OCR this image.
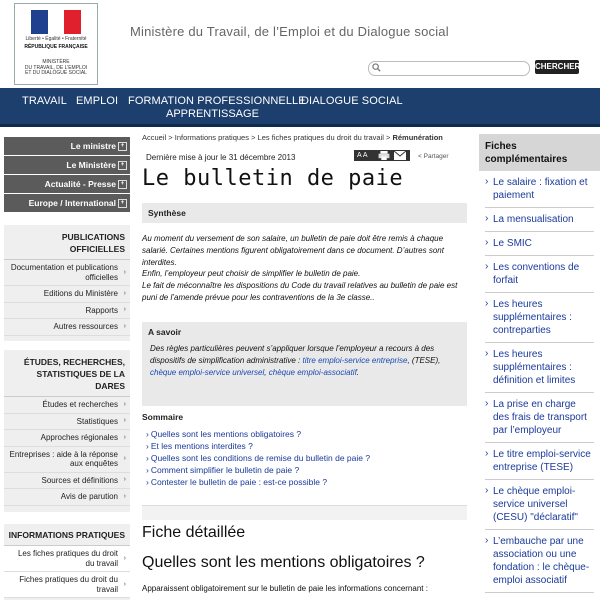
Liberté • Égalité • Fraternité
RÉPUBLIQUE FRANÇAISE
MINISTÈRE
DU TRAVAIL, DE L’EMPLOI
ET DU DIALOGUE SOCIAL
Ministère du Travail, de l’Emploi et du Dialogue social
CHERCHER
TRAVAIL EMPLOI FORMATION PROFESSIONNELLE
DIALOGUE SOCIAL
APPRENTISSAGE
Le ministre +
Le Ministère +
Actualité - Presse +
Europe / International +
PUBLICATIONS OFFICIELLES
Documentation et publications officielles
›
Editions du Ministère ›
Rapports ›
Autres ressources ›
ÉTUDES, RECHERCHES, STATISTIQUES DE LA DARES
Études et recherches ›
Statistiques ›
Approches régionales ›
Entreprises : aide à la réponse aux enquêtes
›
Sources et définitions ›
Avis de parution ›
INFORMATIONS PRATIQUES
Les fiches pratiques du droit du travail
›
Fiches pratiques du droit du travail
›
Accueil > Informations pratiques > Les fiches pratiques du droit du travail > Rémunération
Dernière mise à jour le 31 décembre 2013	A A	< Partager
Le bulletin de paie
Synthèse
Au moment du versement de son salaire, un bulletin de paie doit être remis à chaque salarié. Certaines mentions figurent obligatoirement dans ce document. D’autres sont interdites.
Enfin, l’employeur peut choisir de simplifier le bulletin de paie.
Le fait de méconnaître les dispositions du Code du travail relatives au bulletin de paie est puni de l’amende prévue pour les contraventions de la 3e classe..
A savoir
Des règles particulières peuvent s’appliquer lorsque l’employeur a recours à des dispositifs de simplification administrative : titre emploi-service entreprise, (TESE), chèque emploi-service universel, chèque emploi-associatif.
Sommaire
› Quelles sont les mentions obligatoires ?
› Et les mentions interdites ?
› Quelles sont les conditions de remise du bulletin de paie ?
› Comment simplifier le bulletin de paie ?
› Contester le bulletin de paie : est-ce possible ?
Fiche détaillée
Quelles sont les mentions obligatoires ?
Apparaissent obligatoirement sur le bulletin de paie les informations concernant :
Fiches complémentaires
› Le salaire : fixation et paiement
› La mensualisation
› Le SMIC
› Les conventions de forfait
› Les heures supplémentaires : contreparties
› Les heures supplémentaires : définition et limites
› La prise en charge des frais de transport par l’employeur
› Le titre emploi-service entreprise (TESE)
› Le chèque emploi-service universel (CESU) "déclaratif"
› L’embauche par une association ou une fondation : le chèque-emploi associatif
